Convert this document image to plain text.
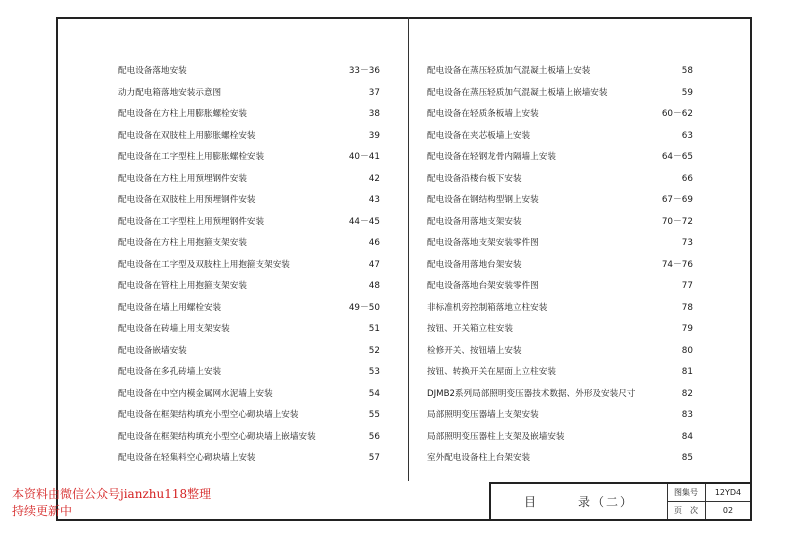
配电设备落地安装	33－36
动力配电箱落地安装示意图	37
配电设备在方柱上用膨胀螺栓安装	38
配电设备在双肢柱上用膨胀螺栓安装	39
配电设备在工字型柱上用膨胀螺栓安装	40－41
配电设备在方柱上用预埋钢件安装	42
配电设备在双肢柱上用预埋钢件安装	43
配电设备在工字型柱上用预埋钢件安装	44－45
配电设备在方柱上用抱箍支架安装	46
配电设备在工字型及双肢柱上用抱箍支架安装	47
配电设备在管柱上用抱箍支架安装	48
配电设备在墙上用螺栓安装	49－50
配电设备在砖墙上用支架安装	51
配电设备嵌墙安装	52
配电设备在多孔砖墙上安装	53
配电设备在中空内模金属网水泥墙上安装	54
配电设备在框架结构填充小型空心砌块墙上安装	55
配电设备在框架结构填充小型空心砌块墙上嵌墙安装	56
配电设备在轻集料空心砌块墙上安装	57
配电设备在蒸压轻质加气混凝土板墙上安装	58
配电设备在蒸压轻质加气混凝土板墙上嵌墙安装	59
配电设备在轻质条板墙上安装	60－62
配电设备在夹芯板墙上安装	63
配电设备在轻钢龙骨内隔墙上安装	64－65
配电设备沿楼台板下安装	66
配电设备在钢结构型钢上安装	67－69
配电设备用落地支架安装	70－72
配电设备落地支架安装零件图	73
配电设备用落地台架安装	74－76
配电设备落地台架安装零件图	77
非标准机旁控制箱落地立柱安装	78
按钮、开关箱立柱安装	79
检修开关、按钮墙上安装	80
按钮、转换开关在屋面上立柱安装	81
DJMB2系列局部照明变压器技术数据、外形及安装尺寸	82
局部照明变压器墙上支架安装	83
局部照明变压器柱上支架及嵌墙安装	84
室外配电设备柱上台架安装	85
目	录（二）
图集号	12YD4
页　次	02
本资料由微信公众号jianzhu118整理
持续更新中
